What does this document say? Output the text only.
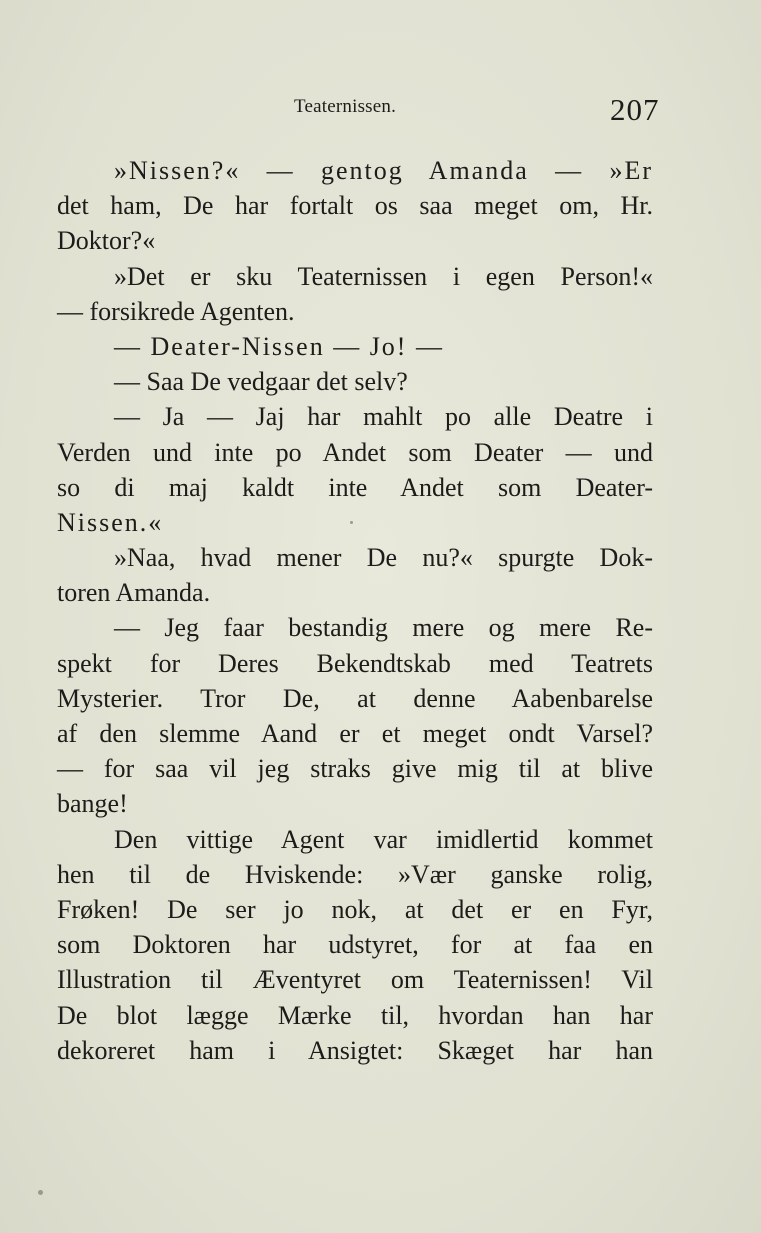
Teaternissen.	207
»Nissen?« — gentog Amanda — »Er
det ham, De har fortalt os saa meget om, Hr.
Doktor?«
»Det er sku Teaternissen i egen Person!«
— forsikrede Agenten.
— Deater-Nissen — Jo! —
— Saa De vedgaar det selv?
— Ja — Jaj har mahlt po alle Deatre i
Verden und inte po Andet som Deater — und
so di maj kaldt inte Andet som Deater-
Nissen.«
»Naa, hvad mener De nu?« spurgte Dok-
toren Amanda.
— Jeg faar bestandig mere og mere Re-
spekt for Deres Bekendtskab med Teatrets
Mysterier. Tror De, at denne Aabenbarelse
af den slemme Aand er et meget ondt Varsel?
— for saa vil jeg straks give mig til at blive
bange!
Den vittige Agent var imidlertid kommet
hen til de Hviskende: »Vær ganske rolig,
Frøken! De ser jo nok, at det er en Fyr,
som Doktoren har udstyret, for at faa en
Illustration til Æventyret om Teaternissen! Vil
De blot lægge Mærke til, hvordan han har
dekoreret ham i Ansigtet: Skæget har han
